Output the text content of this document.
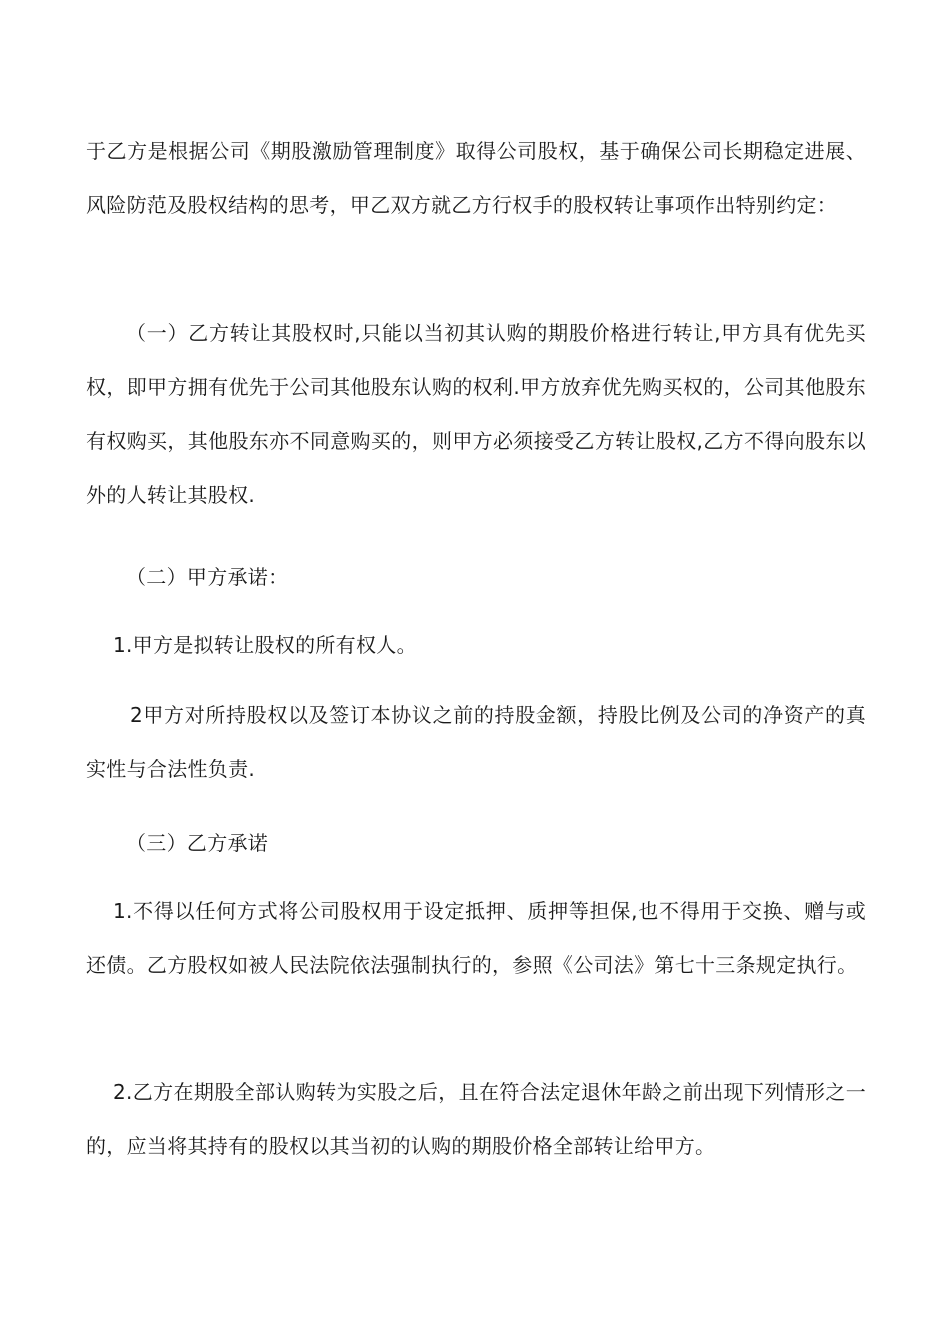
于乙方是根据公司《期股激励管理制度》取得公司股权，基于确保公司长期稳定进展、风险防范及股权结构的思考，甲乙双方就乙方行权手的股权转让事项作出特别约定：

（一）乙方转让其股权时,只能以当初其认购的期股价格进行转让,甲方具有优先买权，即甲方拥有优先于公司其他股东认购的权利.甲方放弃优先购买权的，公司其他股东有权购买，其他股东亦不同意购买的，则甲方必须接受乙方转让股权,乙方不得向股东以外的人转让其股权.

（二）甲方承诺：

1.甲方是拟转让股权的所有权人。

2甲方对所持股权以及签订本协议之前的持股金额，持股比例及公司的净资产的真实性与合法性负责.

（三）乙方承诺

1.不得以任何方式将公司股权用于设定抵押、质押等担保,也不得用于交换、赠与或还债。乙方股权如被人民法院依法强制执行的，参照《公司法》第七十三条规定执行。

2.乙方在期股全部认购转为实股之后，且在符合法定退休年龄之前出现下列情形之一的，应当将其持有的股权以其当初的认购的期股价格全部转让给甲方。
